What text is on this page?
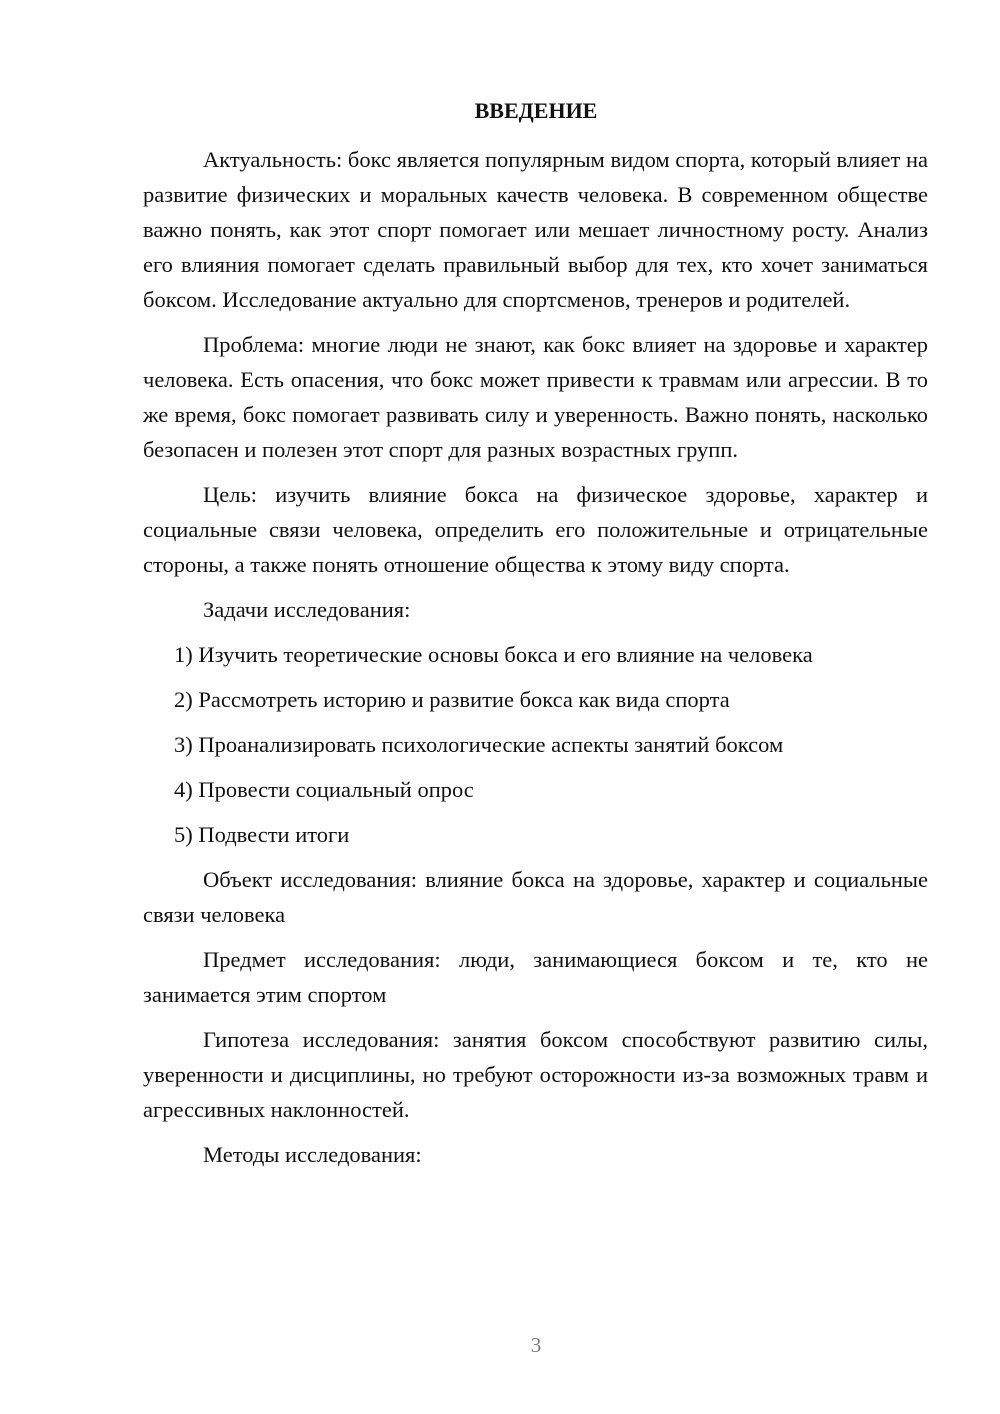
ВВЕДЕНИЕ

Актуальность: бокс является популярным видом спорта, который влияет на развитие физических и моральных качеств человека. В современном обществе важно понять, как этот спорт помогает или мешает личностному росту. Анализ его влияния помогает сделать правильный выбор для тех, кто хочет заниматься боксом. Исследование актуально для спортсменов, тренеров и родителей.

Проблема: многие люди не знают, как бокс влияет на здоровье и характер человека. Есть опасения, что бокс может привести к травмам или агрессии. В то же время, бокс помогает развивать силу и уверенность. Важно понять, насколько безопасен и полезен этот спорт для разных возрастных групп.

Цель: изучить влияние бокса на физическое здоровье, характер и социальные связи человека, определить его положительные и отрицательные стороны, а также понять отношение общества к этому виду спорта.

Задачи исследования:

1) Изучить теоретические основы бокса и его влияние на человека

2) Рассмотреть историю и развитие бокса как вида спорта

3) Проанализировать психологические аспекты занятий боксом

4) Провести социальный опрос

5) Подвести итоги

Объект исследования: влияние бокса на здоровье, характер и социальные связи человека

Предмет исследования: люди, занимающиеся боксом и те, кто не занимается этим спортом

Гипотеза исследования: занятия боксом способствуют развитию силы, уверенности и дисциплины, но требуют осторожности из-за возможных травм и агрессивных наклонностей.

Методы исследования:

3
